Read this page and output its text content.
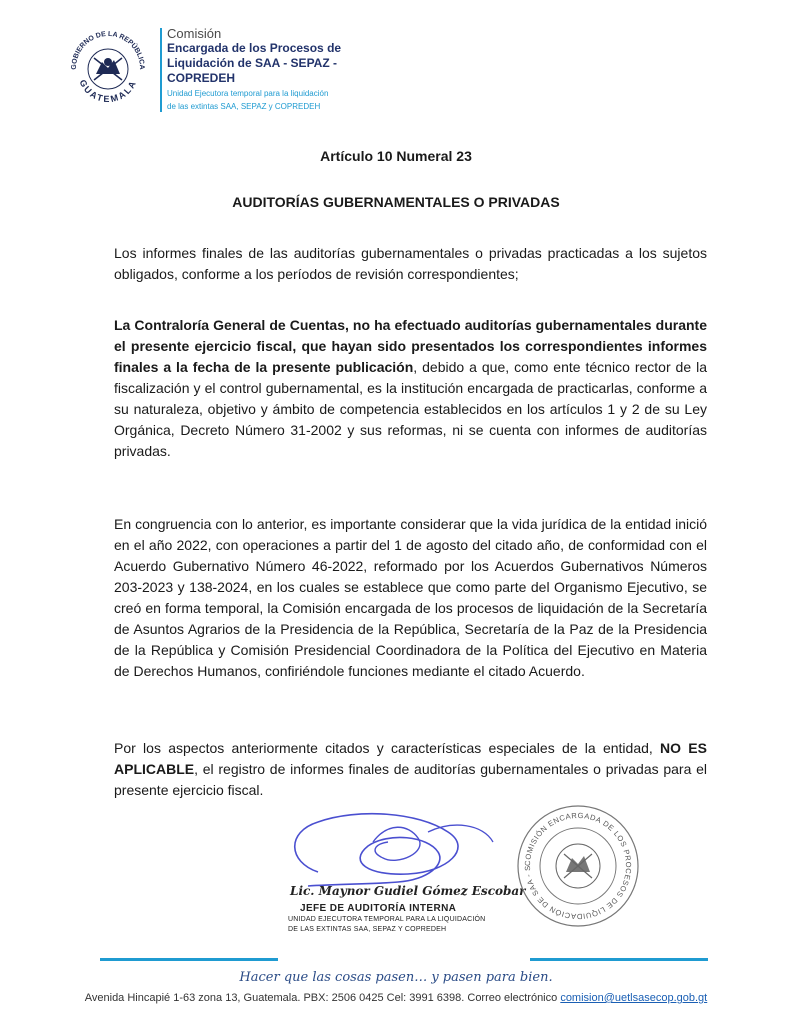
GOBIERNO DE LA REPÚBLICA
GUATEMALA
Comisión
Encargada de los Procesos de
Liquidación de SAA - SEPAZ -
COPREDEH
Unidad Ejecutora temporal para la liquidación
de las extintas SAA, SEPAZ y COPREDEH
Artículo 10 Numeral 23
AUDITORÍAS GUBERNAMENTALES O PRIVADAS
Los informes finales de las auditorías gubernamentales o privadas practicadas a los sujetos obligados, conforme a los períodos de revisión correspondientes;
La Contraloría General de Cuentas, no ha efectuado auditorías gubernamentales durante el presente ejercicio fiscal, que hayan sido presentados los correspondientes informes finales a la fecha de la presente publicación, debido a que, como ente técnico rector de la fiscalización y el control gubernamental, es la institución encargada de practicarlas, conforme a su naturaleza, objetivo y ámbito de competencia establecidos en los artículos 1 y 2 de su Ley Orgánica, Decreto Número 31-2002 y sus reformas, ni se cuenta con informes de auditorías privadas.
En congruencia con lo anterior, es importante considerar que la vida jurídica de la entidad inició en el año 2022, con operaciones a partir del 1 de agosto del citado año, de conformidad con el Acuerdo Gubernativo Número 46-2022, reformado por los Acuerdos Gubernativos Números 203-2023 y 138-2024, en los cuales se establece que como parte del Organismo Ejecutivo, se creó en forma temporal, la Comisión encargada de los procesos de liquidación de la Secretaría de Asuntos Agrarios de la Presidencia de la República, Secretaría de la Paz de la Presidencia de la República y Comisión Presidencial Coordinadora de la Política del Ejecutivo en Materia de Derechos Humanos, confiriéndole funciones mediante el citado Acuerdo.
Por los aspectos anteriormente citados y características especiales de la entidad, NO ES APLICABLE, el registro de informes finales de auditorías gubernamentales o privadas para el presente ejercicio fiscal.
Lic. Maynor Gudiel Gómez Escobar
JEFE DE AUDITORÍA INTERNA
UNIDAD EJECUTORA TEMPORAL PARA LA LIQUIDACIÓN
DE LAS EXTINTAS SAA, SEPAZ Y COPREDEH
COMISIÓN ENCARGADA DE LOS PROCESOS DE LIQUIDACIÓN DE SAA - S
Hacer que las cosas pasen… y pasen para bien.
Avenida Hincapié 1-63 zona 13, Guatemala. PBX: 2506 0425 Cel: 3991 6398. Correo electrónico comision@uetlsasecop.gob.gt
